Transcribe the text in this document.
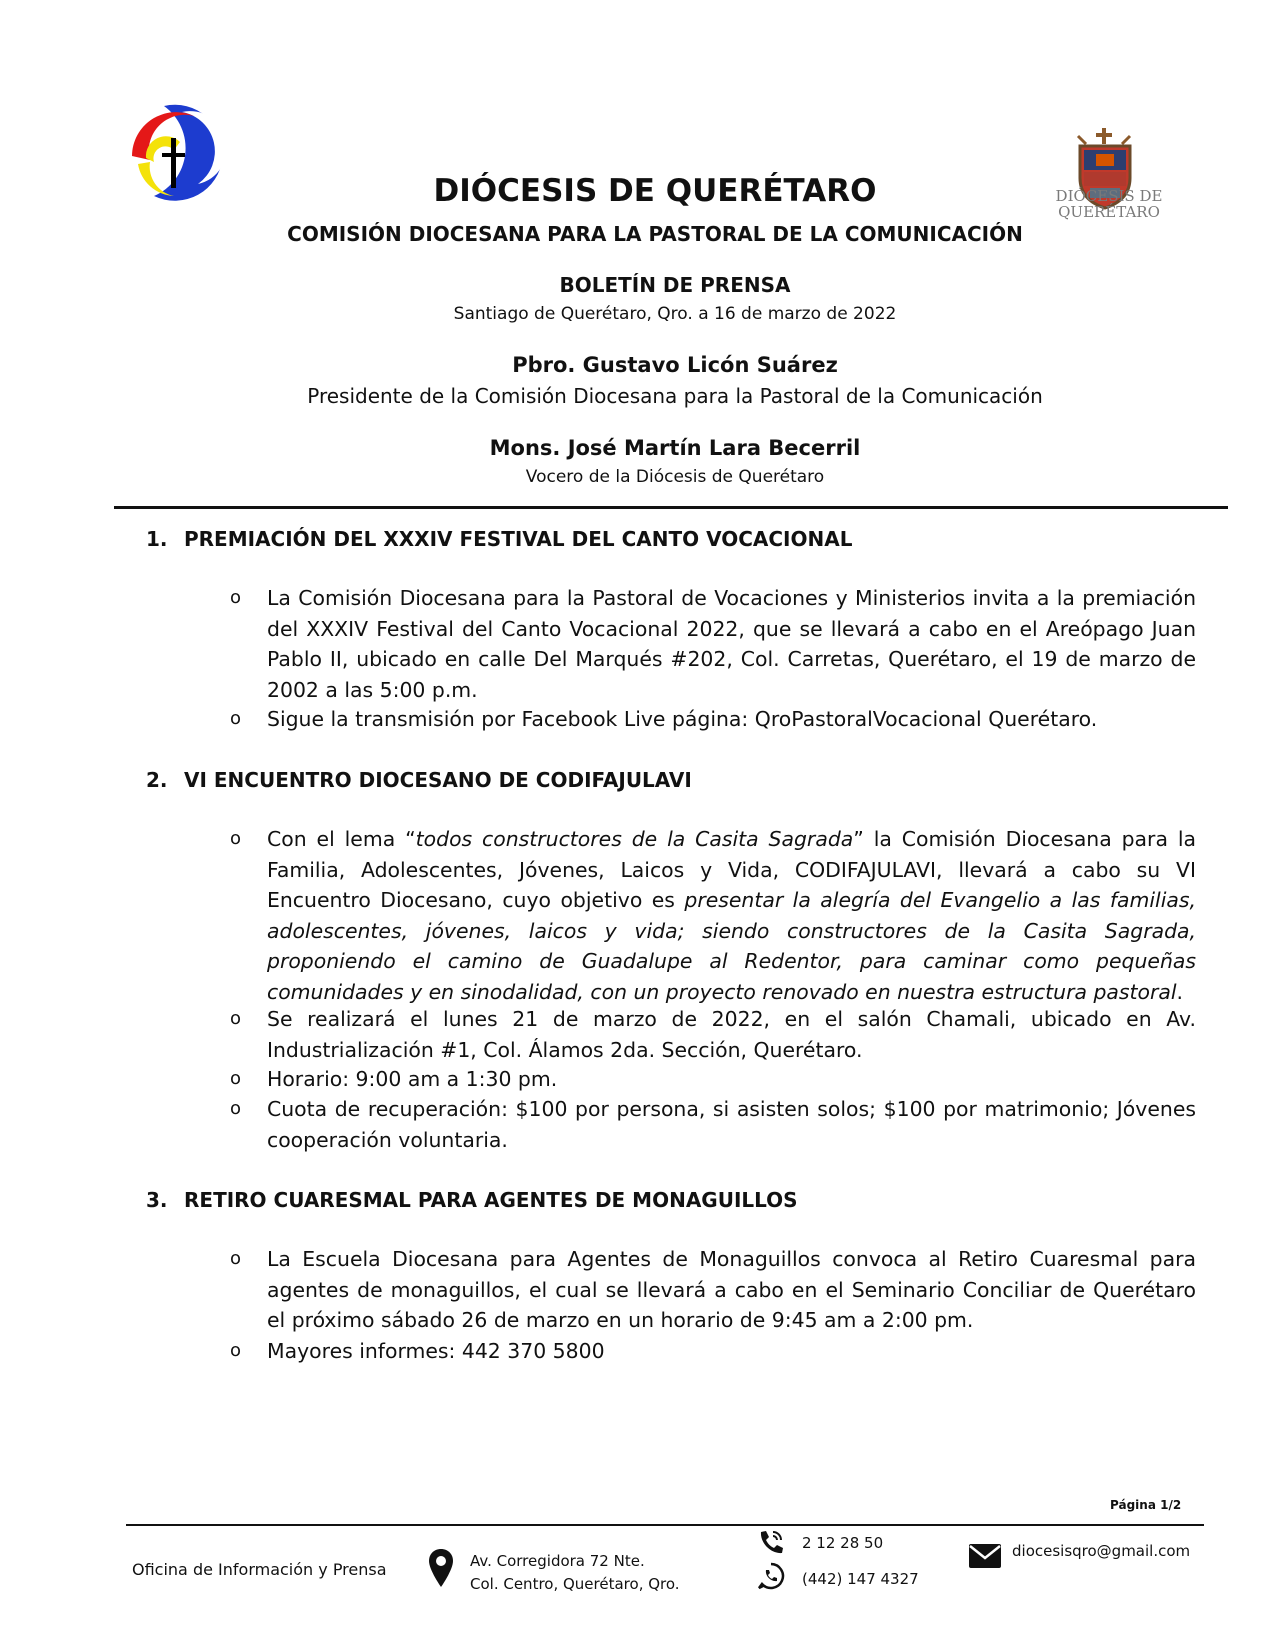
DIÓCESIS DE
QUERÉTARO
DIÓCESIS DE QUERÉTARO
COMISIÓN DIOCESANA PARA LA PASTORAL DE LA COMUNICACIÓN
BOLETÍN DE PRENSA
Santiago de Querétaro, Qro. a 16 de marzo de 2022
Pbro. Gustavo Licón Suárez
Presidente de la Comisión Diocesana para la Pastoral de la Comunicación
Mons. José Martín Lara Becerril
Vocero de la Diócesis de Querétaro
1. PREMIACIÓN DEL XXXIV FESTIVAL DEL CANTO VOCACIONAL
o	La Comisión Diocesana para la Pastoral de Vocaciones y Ministerios invita a la premiación del XXXIV Festival del Canto Vocacional 2022, que se llevará a cabo en el Areópago Juan Pablo II, ubicado en calle Del Marqués #202, Col. Carretas, Querétaro, el 19 de marzo de 2002 a las 5:00 p.m.
o	Sigue la transmisión por Facebook Live página: QroPastoralVocacional Querétaro.
2. VI ENCUENTRO DIOCESANO DE CODIFAJULAVI
o	Con el lema “todos constructores de la Casita Sagrada” la Comisión Diocesana para la Familia, Adolescentes, Jóvenes, Laicos y Vida, CODIFAJULAVI, llevará a cabo su VI Encuentro Diocesano, cuyo objetivo es presentar la alegría del Evangelio a las familias, adolescentes, jóvenes, laicos y vida; siendo constructores de la Casita Sagrada, proponiendo el camino de Guadalupe al Redentor, para caminar como pequeñas comunidades y en sinodalidad, con un proyecto renovado en nuestra estructura pastoral.
o	Se realizará el lunes 21 de marzo de 2022, en el salón Chamali, ubicado en Av. Industrialización #1, Col. Álamos 2da. Sección, Querétaro.
o	Horario: 9:00 am a 1:30 pm.
o	Cuota de recuperación: $100 por persona, si asisten solos; $100 por matrimonio; Jóvenes cooperación voluntaria.
3. RETIRO CUARESMAL PARA AGENTES DE MONAGUILLOS
o	La Escuela Diocesana para Agentes de Monaguillos convoca al Retiro Cuaresmal para agentes de monaguillos, el cual se llevará a cabo en el Seminario Conciliar de Querétaro el próximo sábado 26 de marzo en un horario de 9:45 am a 2:00 pm.
o	Mayores informes: 442 370 5800
Página 1/2
Oficina de Información y Prensa	Av. Corregidora 72 Nte.
Col. Centro, Querétaro, Qro.
2 12 28 50
(442) 147 4327
diocesisqro@gmail.com
